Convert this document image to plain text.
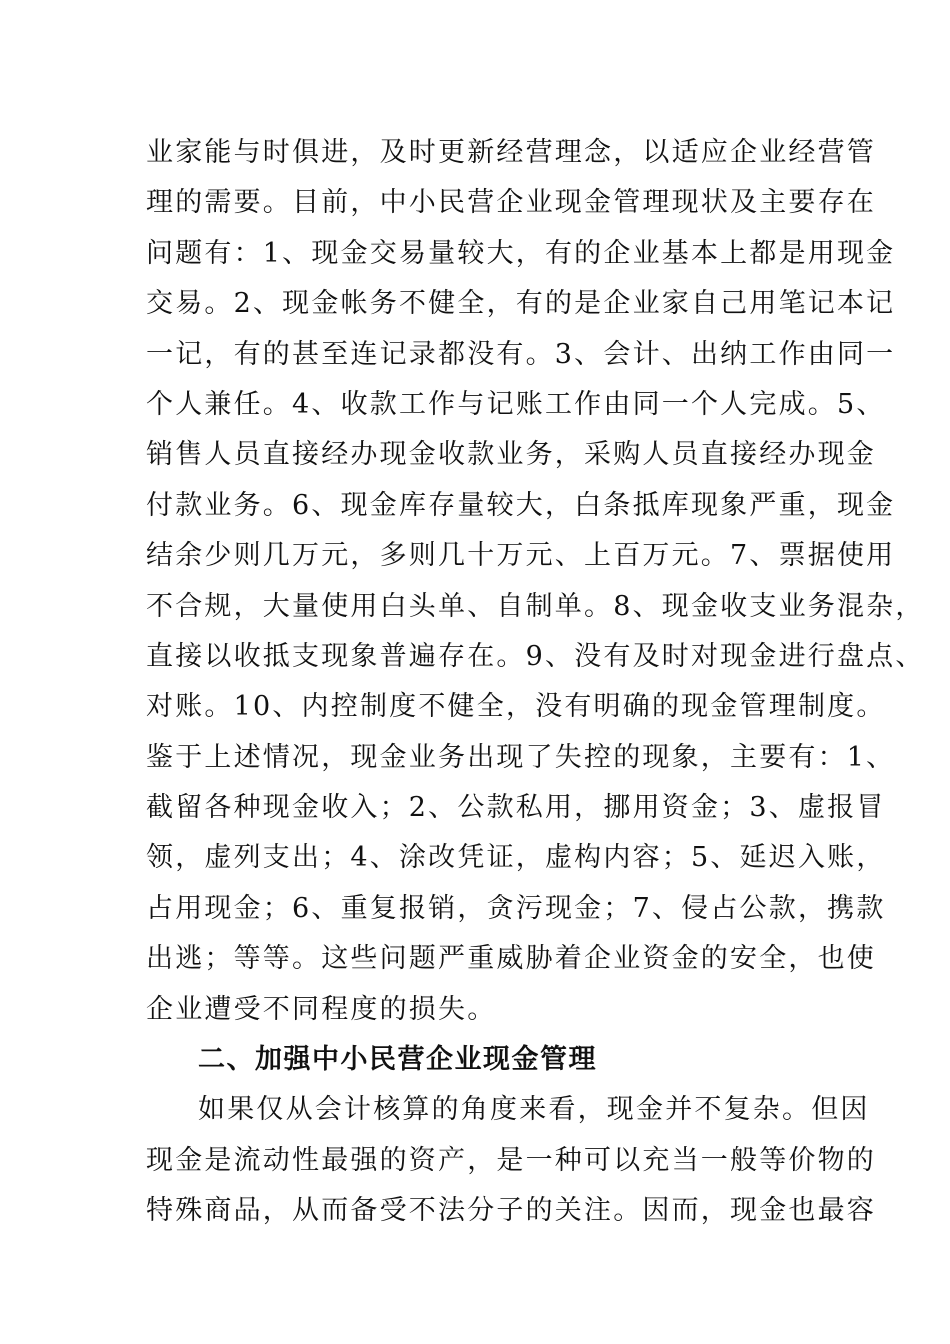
业家能与时俱进，及时更新经营理念，以适应企业经营管
理的需要。目前，中小民营企业现金管理现状及主要存在
问题有：1、现金交易量较大，有的企业基本上都是用现金
交易。2、现金帐务不健全，有的是企业家自己用笔记本记
一记，有的甚至连记录都没有。3、会计、出纳工作由同一
个人兼任。4、收款工作与记账工作由同一个人完成。5、
销售人员直接经办现金收款业务，采购人员直接经办现金
付款业务。6、现金库存量较大，白条抵库现象严重，现金
结余少则几万元，多则几十万元、上百万元。7、票据使用
不合规，大量使用白头单、自制单。8、现金收支业务混杂，
直接以收抵支现象普遍存在。9、没有及时对现金进行盘点、
对账。10、内控制度不健全，没有明确的现金管理制度。
鉴于上述情况，现金业务出现了失控的现象，主要有：1、
截留各种现金收入；2、公款私用，挪用资金；3、虚报冒
领，虚列支出；4、涂改凭证，虚构内容；5、延迟入账，
占用现金；6、重复报销，贪污现金；7、侵占公款，携款
出逃；等等。这些问题严重威胁着企业资金的安全，也使
企业遭受不同程度的损失。
二、加强中小民营企业现金管理
如果仅从会计核算的角度来看，现金并不复杂。但因
现金是流动性最强的资产，是一种可以充当一般等价物的
特殊商品，从而备受不法分子的关注。因而，现金也最容
